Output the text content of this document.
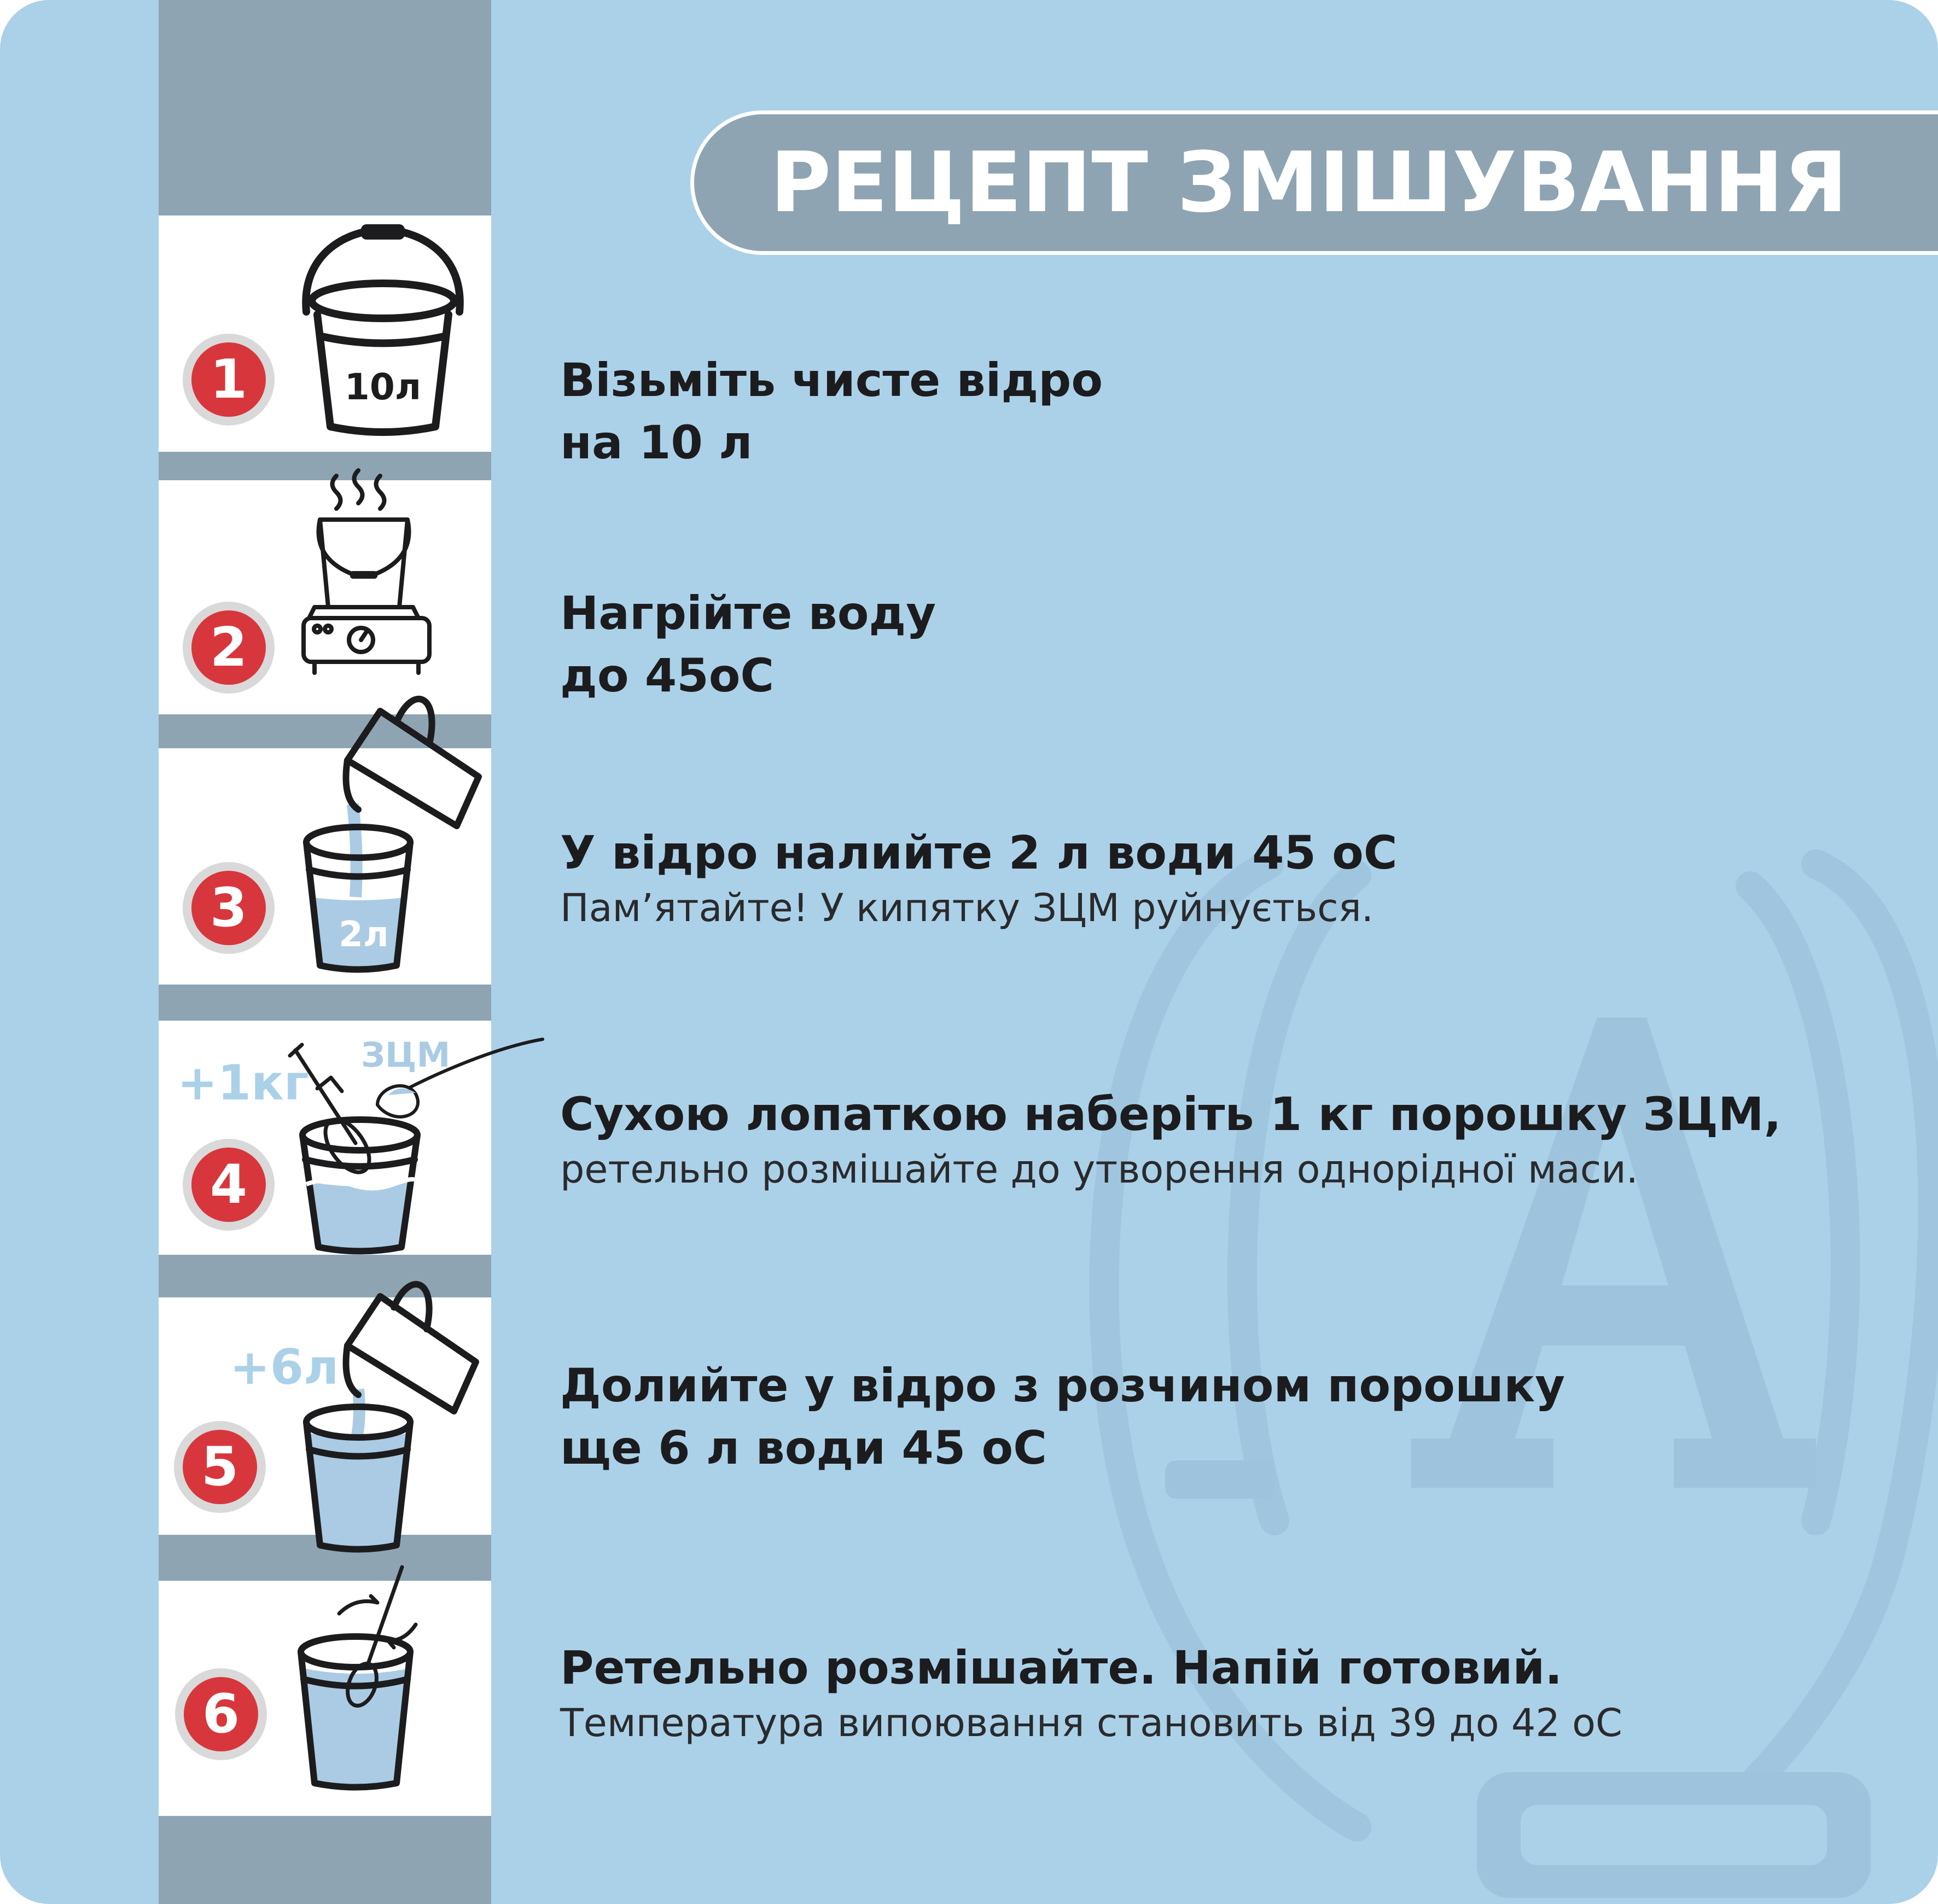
РЕЦЕПТ ЗМІШУВАННЯ
1
2
3
4
5
6
10л
2л
+1кг ЗЦМ
+6л
Візьміть чисте відро
на 10 л
Нагрійте воду
до 45оС
У відро налийте 2 л води 45 оС
Пам’ятайте! У кипятку ЗЦМ руйнується.
Сухою лопаткою наберіть 1 кг порошку ЗЦМ,
ретельно розмішайте до утворення однорідної маси.
Долийте у відро з розчином порошку
ще 6 л води 45 оС
Ретельно розмішайте. Напій готовий.
Температура випоювання становить від 39 до 42 оС
